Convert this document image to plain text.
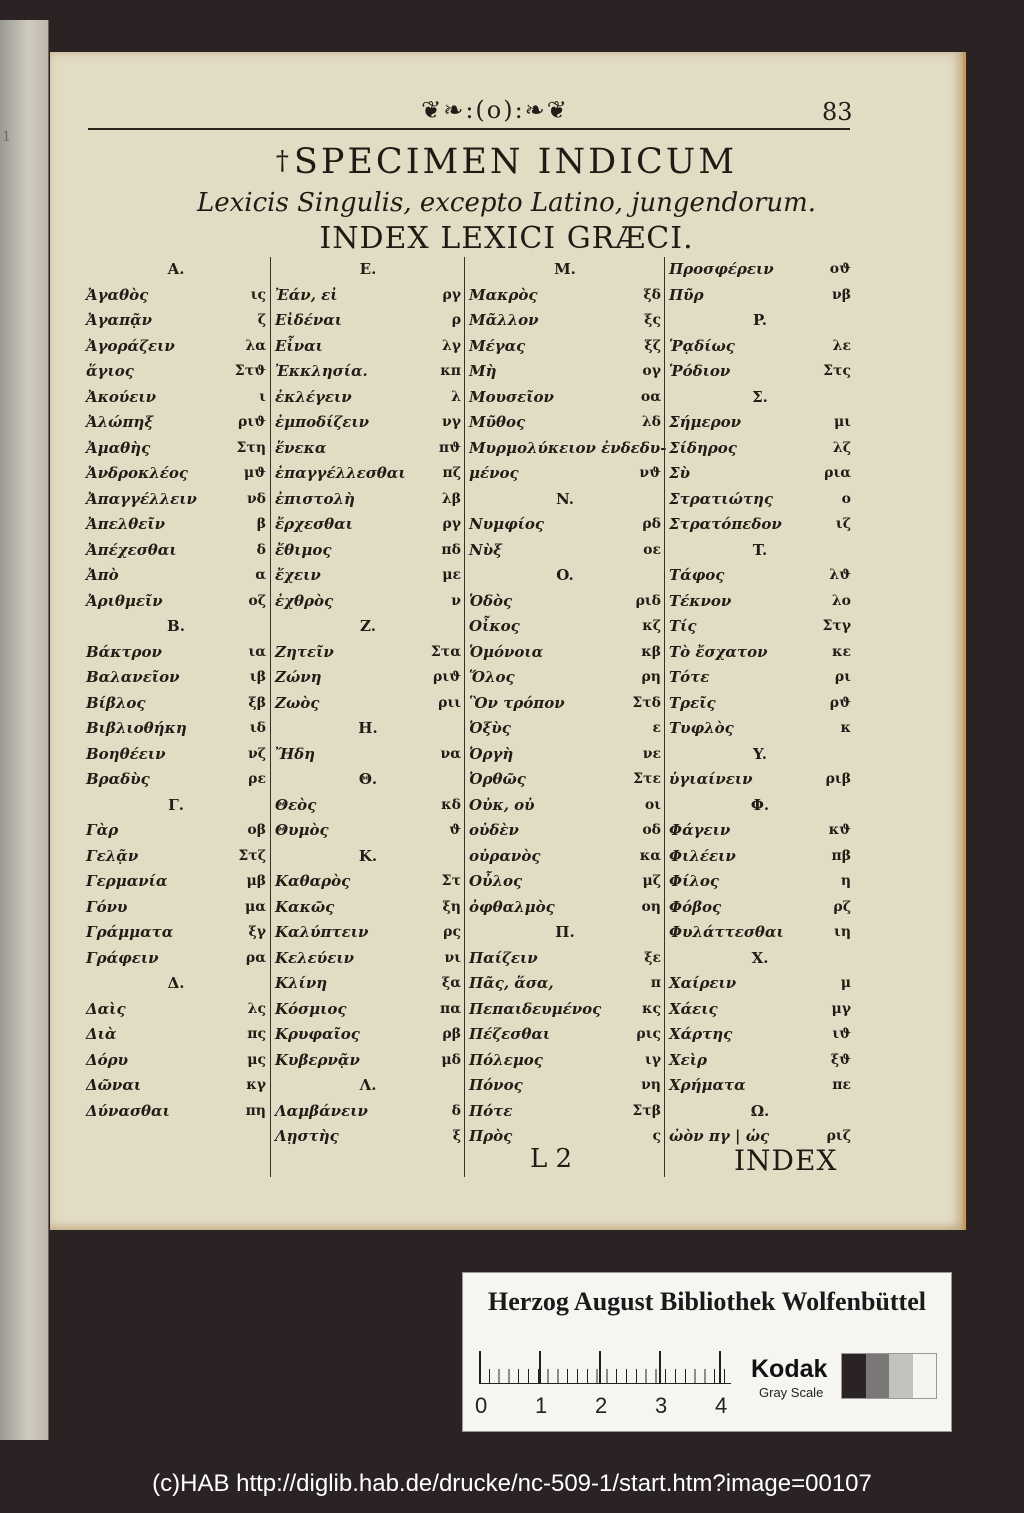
1
❦❧:(o):❧❦	83
†SPECIMEN INDICUM
Lexicis Singulis, excepto Latino, jungendorum.
INDEX LEXICI GRÆCI.
A.
Ἀγαθὸς	ις
Ἀγαπᾷν	ζ
Ἀγοράζειν	λα
ἅγιος	Στϑ
Ἀκούειν	ι
Ἀλώπηξ	ριϑ
Ἀμαθὴς	Στη
Ἀνδροκλέος	μϑ
Ἀπαγγέλλειν	νδ
Ἀπελθεῖν	β
Ἀπέχεσθαι	δ
Ἀπὸ	α
Ἀριθμεῖν	οζ
B.
Βάκτρον	ια
Βαλανεῖον	ιβ
Βίβλος	ξβ
Βιβλιοθήκη	ιδ
Βοηθέειν	νζ
Βραδὺς	ρε
Γ.
Γὰρ	οβ
Γελᾷν	Στζ
Γερμανία	μβ
Γόνυ	μα
Γράμματα	ξγ
Γράφειν	ρα
Δ.
Δαὶς	λς
Διὰ	πς
Δόρυ	μς
Δῶναι	κγ
Δύνασθαι	πη
E.
Ἐάν, εἰ	ργ
Εἰδέναι	ρ
Εἶναι	λγ
Ἐκκλησία.	κπ
ἐκλέγειν	λ
ἐμποδίζειν	νγ
ἕνεκα	πϑ
ἐπαγγέλλεσθαι	πζ
ἐπιστολὴ	λβ
ἔρχεσθαι	ργ
ἔθιμος	πδ
ἔχειν	με
ἐχθρὸς	ν
Z.
Ζητεῖν	Στα
Ζώνη	ριϑ
Ζωὸς	ριι
H.
Ἤδη	να
Θ.
Θεὸς	κδ
Θυμὸς	ϑ
K.
Καθαρὸς	Στ
Κακῶς	ξη
Καλύπτειν	ρς
Κελεύειν	νι
Κλίνη	ξα
Κόσμιος	πα
Κρυφαῖος	ρβ
Κυβερνᾷν	μδ
Λ.
Λαμβάνειν	δ
Λῃστὴς	ξ
M.
Μακρὸς	ξδ
Μᾶλλον	ξς
Μέγας	ξζ
Μὴ	ογ
Μουσεῖον	οα
Μῦθος	λδ
Μυρμολύκειον ἐνδεδυ-
μένος	νϑ
N.
Νυμφίος	ρδ
Νὺξ	οε
O.
Ὁδὸς	ριδ
Οἶκος	κζ
Ὁμόνοια	κβ
Ὅλος	ρη
Ὃν τρόπον	Στδ
Ὀξὺς	ε
Ὀργὴ	νε
Ὀρθῶς	Στε
Οὐκ, οὐ	οι
οὐδὲν	οδ
οὐρανὸς	κα
Οὖλος	μζ
ὀφθαλμὸς	οη
Π.
Παίζειν	ξε
Πᾶς, ἅσα,	π
Πεπαιδευμένος	κς
Πέζεσθαι	ρις
Πόλεμος	ιγ
Πόνος	νη
Πότε	Στβ
Πρὸς	ς
Προσφέρειν	οϑ
Πῦρ	νβ
P.
Ῥᾳδίως	λε
Ῥόδιον	Στς
Σ.
Σήμερον	μι
Σίδηρος	λζ
Σὺ	ρια
Στρατιώτης	ο
Στρατόπεδον	ιζ
T.
Τάφος	λϑ
Τέκνον	λο
Τίς	Στγ
Τὸ ἔσχατον	κε
Τότε	ρι
Τρεῖς	ρϑ
Τυφλὸς	κ
Y.
ὑγιαίνειν	ριβ
Φ.
Φάγειν	κϑ
Φιλέειν	πβ
Φίλος	η
Φόβος	ρζ
Φυλάττεσθαι	ιη
X.
Χαίρειν	μ
Χάεις	μγ
Χάρτης	ιϑ
Χεὶρ	ξϑ
Χρήματα	πε
Ω.
ὠὸν πγ | ὡς	ριζ
L 2	INDEX
Herzog August Bibliothek Wolfenbüttel
0 1 2 3 4
Kodak
Gray Scale
(c)HAB http://diglib.hab.de/drucke/nc-509-1/start.htm?image=00107
